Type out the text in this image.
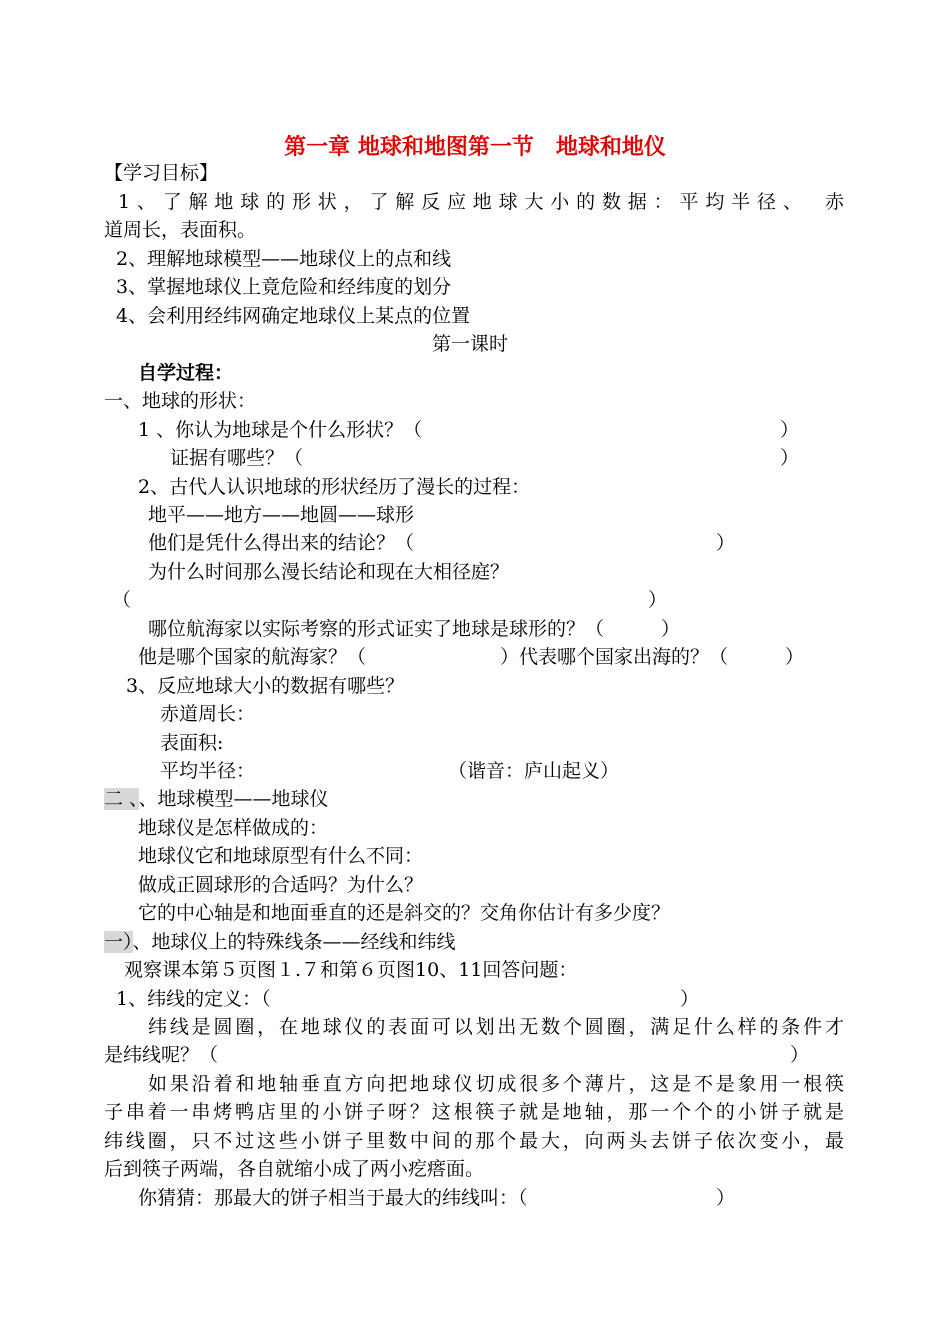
第一章 地球和地图第一节　地球和地仪
【学习目标】
1、了解地球的形状，了解反应地球大小的数据：平均半径、　赤
道周长，表面积。
2、理解地球模型——地球仪上的点和线
3、掌握地球仪上竟危险和经纬度的划分
4、会利用经纬网确定地球仪上某点的位置
第一课时
自学过程：
一、地球的形状：
1 、你认为地球是个什么形状？（	）
证据有哪些？（	）
2、古代人认识地球的形状经历了漫长的过程：
地平——地方——地圆——球形
他们是凭什么得出来的结论？（	）
为什么时间那么漫长结论和现在大相径庭？
（	）
哪位航海家以实际考察的形式证实了地球是球形的？（　　　）
他是哪个国家的航海家？（	）代表哪个国家出海的？（　　　）
3、反应地球大小的数据有哪些？
赤道周长：
表面积:
平均半径：	（谐音：庐山起义）
二 、、地球模型——地球仪
地球仪是怎样做成的：
地球仪它和地球原型有什么不同：
做成正圆球形的合适吗？为什么？
它的中心轴是和地面垂直的还是斜交的？交角你估计有多少度？
一）、地球仪上的特殊线条——经线和纬线
观察课本第５页图１.７和第６页图10、11回答问题：
1、纬线的定义：（	）
纬线是圆圈，在地球仪的表面可以划出无数个圆圈，满足什么样的条件才
是纬线呢？（	）
如果沿着和地轴垂直方向把地球仪切成很多个薄片，这是不是象用一根筷
子串着一串烤鸭店里的小饼子呀？这根筷子就是地轴，那一个个的小饼子就是
纬线圈，只不过这些小饼子里数中间的那个最大，向两头去饼子依次变小，最
后到筷子两端，各自就缩小成了两小疙瘩面。
你猜猜：那最大的饼子相当于最大的纬线叫：（	）
